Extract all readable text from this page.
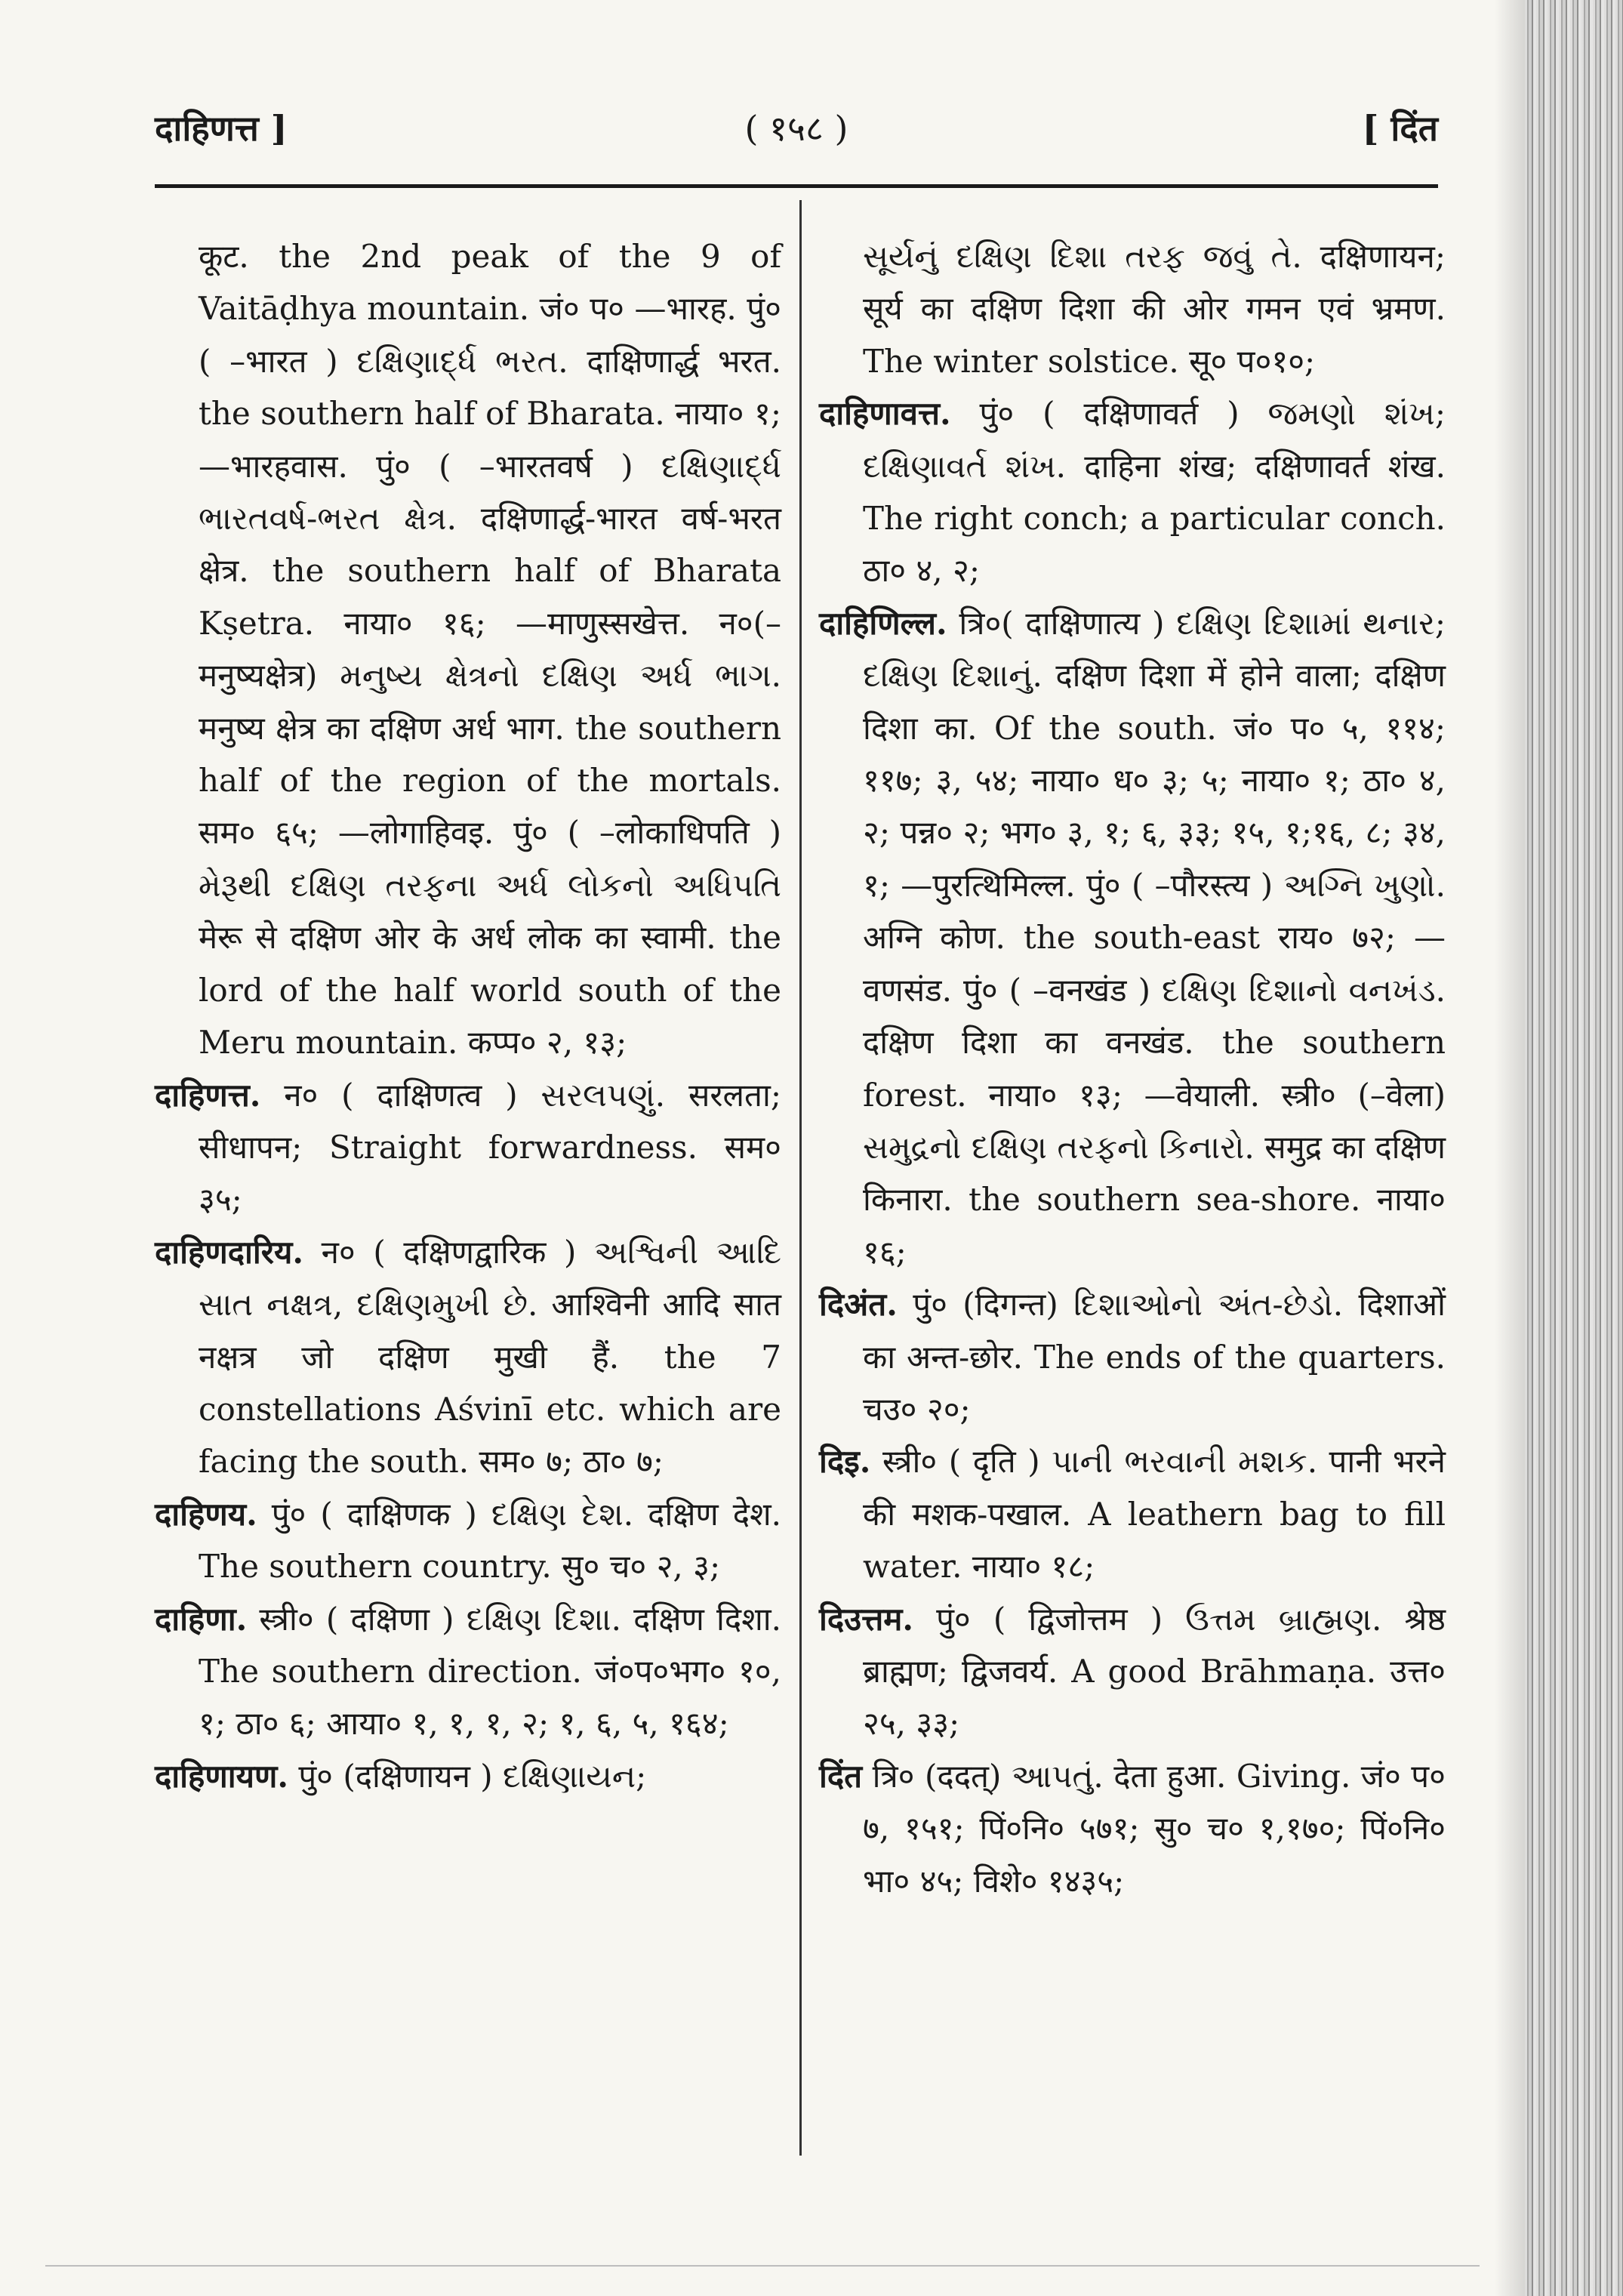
दाहिणत्त ]	( १५८ )	[ दिंत

कूट. the 2nd peak of the 9 of Vaitāḍhya mountain. जं० प० —भारह. पुं० ( –भारत ) દક્ષિણાર્દ્ધ ભરત. दाक्षिणार्द्ध भरत. the southern half of Bharata. नाया० १; —भारहवास. पुं० ( –भारतवर्ष ) દક્ષિણાર્દ્ધ ભારતવર્ષ-ભરત ક્ષેત્ર. दक्षिणार्द्ध-भारत वर्ष-भरत क्षेत्र. the southern half of Bharata Kṣetra. नाया० १६; —माणुस्सखेत्त. न०(–मनुष्यक्षेत्र) મનુષ્ય ક્ષેત્રનો દક્ષિણ અર્ધ ભાગ. मनुष्य क्षेत्र का दक्षिण अर्ध भाग. the southern half of the region of the mortals. सम० ६५; —लोगाहिवइ. पुं० ( –लोकाधिपति ) મેરૂથી દક્ષિણ તરફના અર્ધ લોકનો અધિપતિ मेरू से दक्षिण ओर के अर्ध लोक का स्वामी. the lord of the half world south of the Meru mountain. कप्प० २, १३;

दाहिणत्त. न० ( दाक्षिणत्व ) સરલપણું. सरलता; सीधापन; Straight forwardness. सम० ३५;

दाहिणदारिय. न० ( दक्षिणद्वारिक ) અશ્વિની આદિ સાત નક્ષત્ર, દક્ષિણમુખી છે. आश्विनी आदि सात नक्षत्र जो दक्षिण मुखी हैं. the 7 constellations Aśvinī etc. which are facing the south. सम० ७; ठा० ७;

दाहिणय. पुं० ( दाक्षिणक ) દક્ષિણ દેશ. दक्षिण देश. The southern country. सु० च० २, ३;

दाहिणा. स्त्री० ( दक्षिणा ) દક્ષિણ દિશા. दक्षिण दिशा. The southern direction. जं०प०भग० १०, १; ठा० ६; आया० १, १, १, २; १, ६, ५, १६४;

दाहिणायण. पुं० (दक्षिणायन ) દક્ષિણાયન;

સૂર્યનું દક્ષિણ દિશા તરફ જવું તે. दक्षिणायन; सूर्य का दक्षिण दिशा की ओर गमन एवं भ्रमण. The winter solstice. सू० प०१०;

दाहिणावत्त. पुं० ( दक्षिणावर्त ) જમણો શંખ; દક્ષિણાવર્ત શંખ. दाहिना शंख; दक्षिणावर्त शंख. The right conch; a particular conch. ठा० ४, २;

दाहिणिल्ल. त्रि०( दाक्षिणात्य ) દક્ષિણ દિશામાં થનાર; દક્ષિણ દિશાનું. दक्षिण दिशा में होने वाला; दक्षिण दिशा का. Of the south. जं० प० ५, ११४; ११७; ३, ५४; नाया० ध० ३; ५; नाया० १; ठा० ४, २; पन्न० २; भग० ३, १; ६, ३३; १५, १;१६, ८; ३४, १; —पुरत्थिमिल्ल. पुं० ( –पौरस्त्य ) અગ્નિ ખુણો. अग्नि कोण. the south-east राय० ७२; —वणसंड. पुं० ( –वनखंड ) દક્ષિણ દિશાનો વનખંડ. दक्षिण दिशा का वनखंड. the southern forest. नाया० १३; —वेयाली. स्त्री० (–वेला) સમુદ્રનો દક્ષિણ તરફનો કિનારો. समुद्र का दक्षिण किनारा. the southern sea-shore. नाया० १६;

दिअंत. पुं० (दिगन्त) દિશાઓનો અંત-છેડો. दिशाओं का अन्त-छोर. The ends of the quarters. चउ० २०;

दिइ. स्त्री० ( दृति ) પાની ભરવાની મશક. पानी भरने की मशक-पखाल. A leathern bag to fill water. नाया० १८;

दिउत्तम. पुं० ( द्विजोत्तम ) ઉત્તમ બ્રાહ્મણ. श्रेष्ठ ब्राह्मण; द्विजवर्य. A good Brāhmaṇa. उत्त० २५, ३३;

दिंत त्रि० (ददत्) આપતું. देता हुआ. Giving. जं० प० ७, १५१; पिं०नि० ५७१; सु० च० १,१७०; पिं०नि० भा० ४५; विशे० १४३५;
